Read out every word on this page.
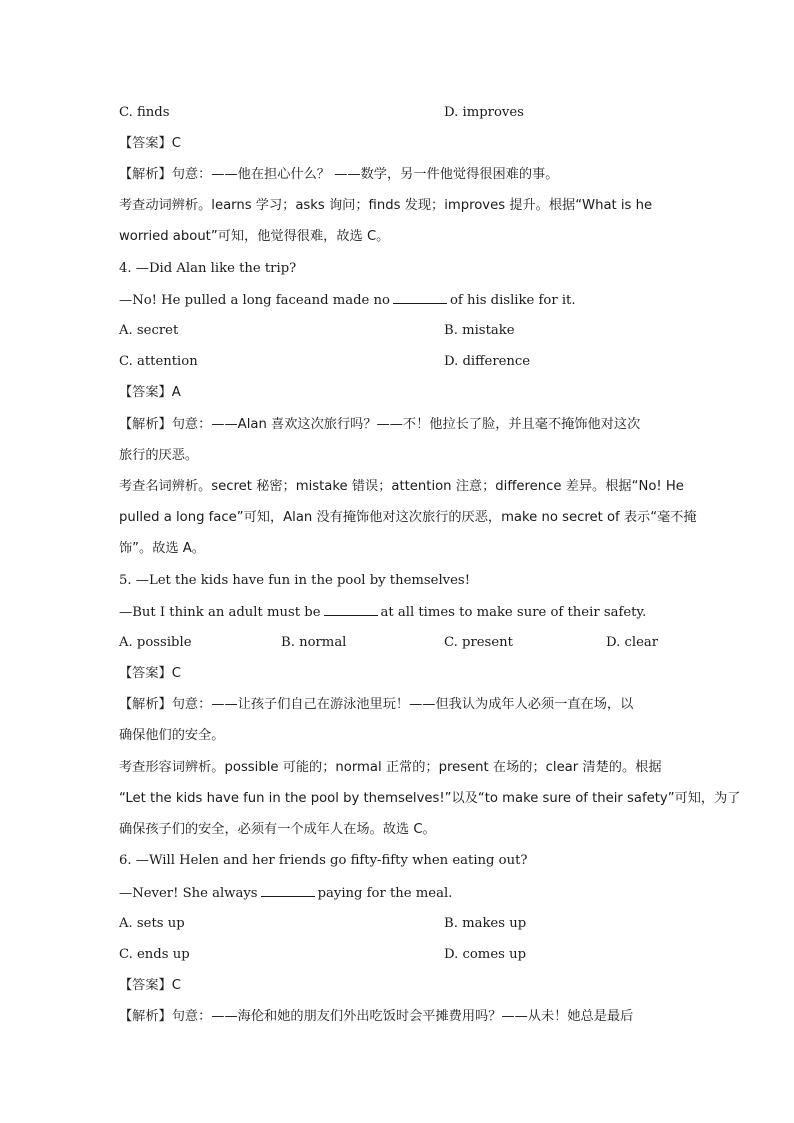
C. finds	D. improves
【答案】C
【解析】句意：——他在担心什么？ ——数学，另一件他觉得很困难的事。
考查动词辨析。learns 学习；asks 询问；finds 发现；improves 提升。根据“What is he
worried about”可知，他觉得很难，故选 C。
4. —Did Alan like the trip?
—No! He pulled a long faceand made no	of his dislike for it.
A. secret	B. mistake
C. attention	D. difference
【答案】A
【解析】句意：——Alan 喜欢这次旅行吗？——不！他拉长了脸，并且毫不掩饰他对这次
旅行的厌恶。
考查名词辨析。secret 秘密；mistake 错误；attention 注意；difference 差异。根据“No! He
pulled a long face”可知，Alan 没有掩饰他对这次旅行的厌恶，make no secret of 表示“毫不掩
饰”。故选 A。
5. —Let the kids have fun in the pool by themselves!
—But I think an adult must be	at all times to make sure of their safety.
A. possible	B. normal	C. present	D. clear
【答案】C
【解析】句意：——让孩子们自己在游泳池里玩！——但我认为成年人必须一直在场，以
确保他们的安全。
考查形容词辨析。possible 可能的；normal 正常的；present 在场的；clear 清楚的。根据
“Let the kids have fun in the pool by themselves!”以及“to make sure of their safety”可知，为了
确保孩子们的安全，必须有一个成年人在场。故选 C。
6. —Will Helen and her friends go fifty-fifty when eating out?
—Never! She always	paying for the meal.
A. sets up	B. makes up
C. ends up	D. comes up
【答案】C
【解析】句意：——海伦和她的朋友们外出吃饭时会平摊费用吗？——从未！她总是最后
